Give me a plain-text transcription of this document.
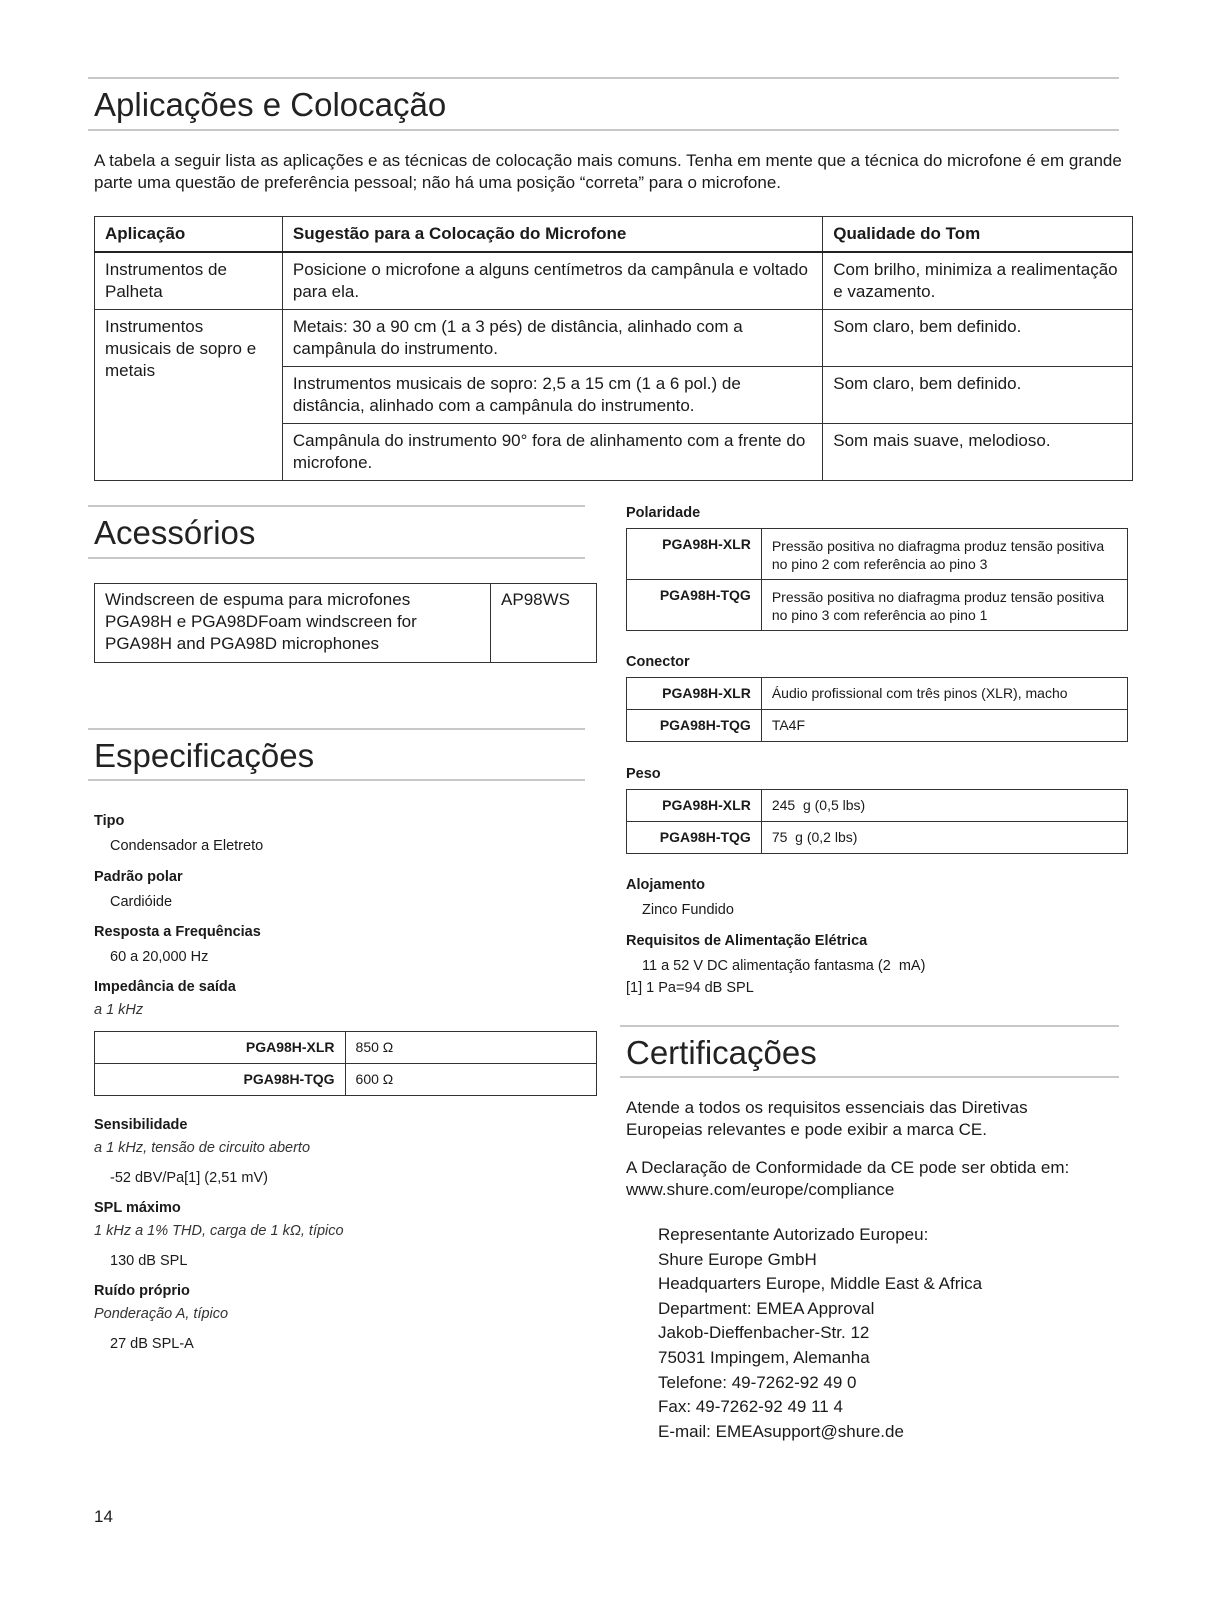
Aplicações e Colocação

A tabela a seguir lista as aplicações e as técnicas de colocação mais comuns. Tenha em mente que a técnica do microfone é em grande parte uma questão de preferência pessoal; não há uma posição “correta” para o microfone.

Aplicação	Sugestão para a Colocação do Microfone	Qualidade do Tom
Instrumentos de Palheta	Posicione o microfone a alguns centímetros da campânula e voltado para ela.	Com brilho, minimiza a realimentação e vazamento.
Instrumentos musicais de sopro e metais	Metais: 30 a 90 cm (1 a 3 pés) de distância, alinhado com a campânula do instrumento.	Som claro, bem definido.
	Instrumentos musicais de sopro: 2,5 a 15 cm (1 a 6 pol.) de distância, alinhado com a campânula do instrumento.	Som claro, bem definido.
	Campânula do instrumento 90° fora de alinhamento com a frente do microfone.	Som mais suave, melodioso.
Acessórios
Windscreen de espuma para microfones PGA98H e PGA98DFoam windscreen for PGA98H and PGA98D microphones	AP98WS
Especificações
Tipo
Condensador a Eletreto
Padrão polar
Cardióide
Resposta a Frequências
60 a 20,000 Hz
Impedância de saída
a 1 kHz
PGA98H-XLR	850 Ω
PGA98H-TQG	600 Ω
Sensibilidade
a 1 kHz, tensão de circuito aberto
-52 dBV/Pa[1] (2,51 mV)
SPL máximo
1 kHz a 1% THD, carga de 1 kΩ, típico
130 dB SPL
Ruído próprio
Ponderação A, típico
27 dB SPL-A
Polaridade
PGA98H-XLR	Pressão positiva no diafragma produz tensão positiva no pino 2 com referência ao pino 3
PGA98H-TQG	Pressão positiva no diafragma produz tensão positiva no pino 3 com referência ao pino 1
Conector
PGA98H-XLR	Áudio profissional com três pinos (XLR), macho
PGA98H-TQG	TA4F
Peso
PGA98H-XLR	245  g (0,5 lbs)
PGA98H-TQG	75  g (0,2 lbs)
Alojamento
Zinco Fundido
Requisitos de Alimentação Elétrica
11 a 52 V DC alimentação fantasma (2  mA)
[1] 1 Pa=94 dB SPL
Certificações

Atende a todos os requisitos essenciais das Diretivas Europeias relevantes e pode exibir a marca CE.

A Declaração de Conformidade da CE pode ser obtida em: www.shure.com/europe/compliance

Representante Autorizado Europeu:
Shure Europe GmbH
Headquarters Europe, Middle East & Africa
Department: EMEA Approval
Jakob-Dieffenbacher-Str. 12
75031 Impingem, Alemanha
Telefone: 49-7262-92 49 0
Fax: 49-7262-92 49 11 4
E-mail: EMEAsupport@shure.de
14
